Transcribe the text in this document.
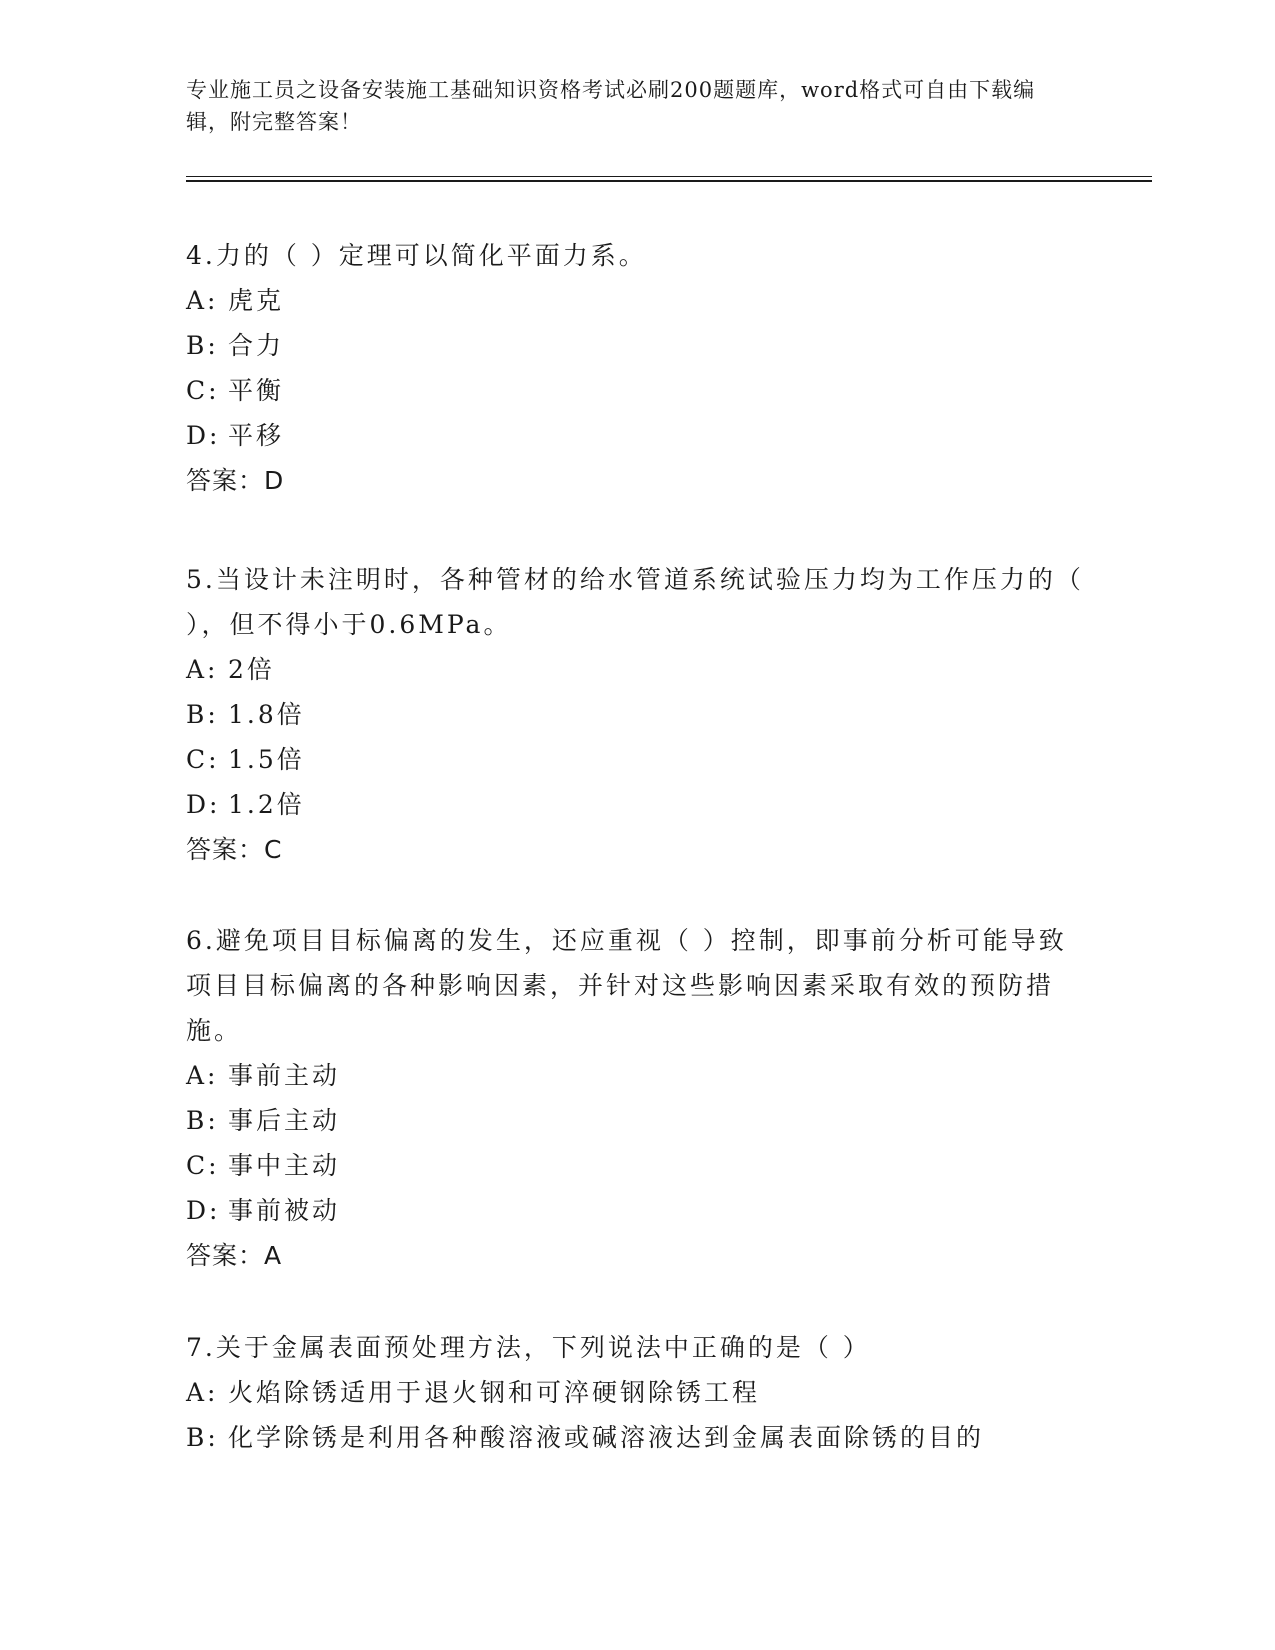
专业施工员之设备安装施工基础知识资格考试必刷200题题库，word格式可自由下载编辑，附完整答案！

4.力的（ ）定理可以简化平面力系。

A: 虎克

B: 合力

C: 平衡

D: 平移

答案：D

5.当设计未注明时，各种管材的给水管道系统试验压力均为工作压力的（ ），但不得小于0.6MPa。

A: 2倍

B: 1.8倍

C: 1.5倍

D: 1.2倍

答案：C

6.避免项目目标偏离的发生，还应重视（ ）控制，即事前分析可能导致项目目标偏离的各种影响因素，并针对这些影响因素采取有效的预防措施。

A: 事前主动

B: 事后主动

C: 事中主动

D: 事前被动

答案：A

7.关于金属表面预处理方法，下列说法中正确的是（ ）

A: 火焰除锈适用于退火钢和可淬硬钢除锈工程

B: 化学除锈是利用各种酸溶液或碱溶液达到金属表面除锈的目的
